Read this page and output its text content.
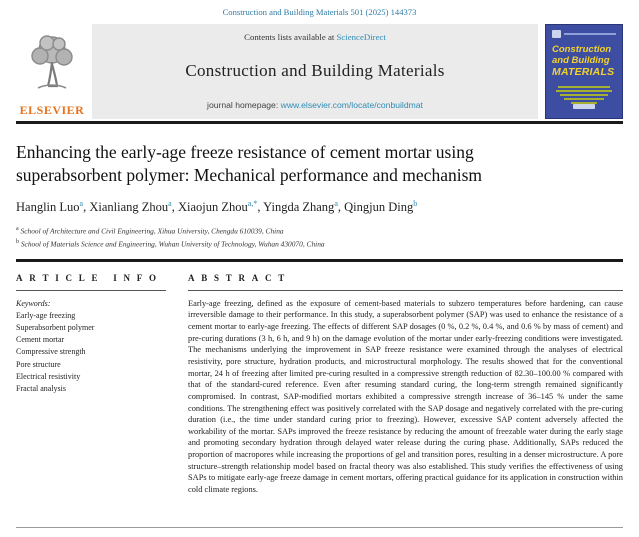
Construction and Building Materials 501 (2025) 144373
ELSEVIER
Contents lists available at ScienceDirect
Construction and Building Materials
journal homepage: www.elsevier.com/locate/conbuildmat
Construction
and Building
MATERIALS
Enhancing the early-age freeze resistance of cement mortar using
superabsorbent polymer: Mechanical performance and mechanism
Hanglin Luo$^a$, Xianliang Zhou$^a$, Xiaojun Zhou$^{a,*}$, Yingda Zhang$^a$, Qingjun Ding$^b$
$^a$ School of Architecture and Civil Engineering, Xihua University, Chengdu 610039, China
$^b$ School of Materials Science and Engineering, Wuhan University of Technology, Wuhan 430070, China
A R T I C L E   I N F O
Keywords:
Early-age freezing
Superabsorbent polymer
Cement mortar
Compressive strength
Pore structure
Electrical resistivity
Fractal analysis
A B S T R A C T

Early-age freezing, defined as the exposure of cement-based materials to subzero temperatures before hardening, can cause irreversible damage to their performance. In this study, a superabsorbent polymer (SAP) was used to enhance the resistance of a cement mortar to early-age freezing. The effects of different SAP dosages (0 %, 0.2 %, 0.4 %, and 0.6 % by mass of cement) and pre-curing durations (3 h, 6 h, and 9 h) on the damage evolution of the mortar under early-freezing conditions were investigated. The mechanisms underlying the improvement in SAP freeze resistance were examined through the analyses of electrical resistivity, pore structure, hydration products, and microstructural morphology. The results showed that for the conventional mortar, 24 h of freezing after limited pre-curing resulted in a compressive strength reduction of 82.30–100.00 % compared with that of the standard-cured reference. Even after resuming standard curing, the long-term strength remained significantly compromised. In contrast, SAP-modified mortars exhibited a compressive strength increase of 36–145 % under the same conditions. The strengthening effect was positively correlated with the SAP dosage and negatively correlated with the pre-curing duration (i.e., the time under standard curing prior to freezing). However, excessive SAP content adversely affected the workability of the mortar. SAPs improved the freeze resistance by reducing the amount of freezable water during the early stage and promoting secondary hydration through delayed water release during the curing phase. Additionally, SAPs reduced the proportion of macropores while increasing the proportions of gel and transition pores, resulting in a denser microstructure. A pore structure–strength relationship model based on fractal theory was also established. This study verifies the effectiveness of using SAPs to mitigate early-age freeze damage in cement mortars, offering practical guidance for its application in construction within cold climate regions.
